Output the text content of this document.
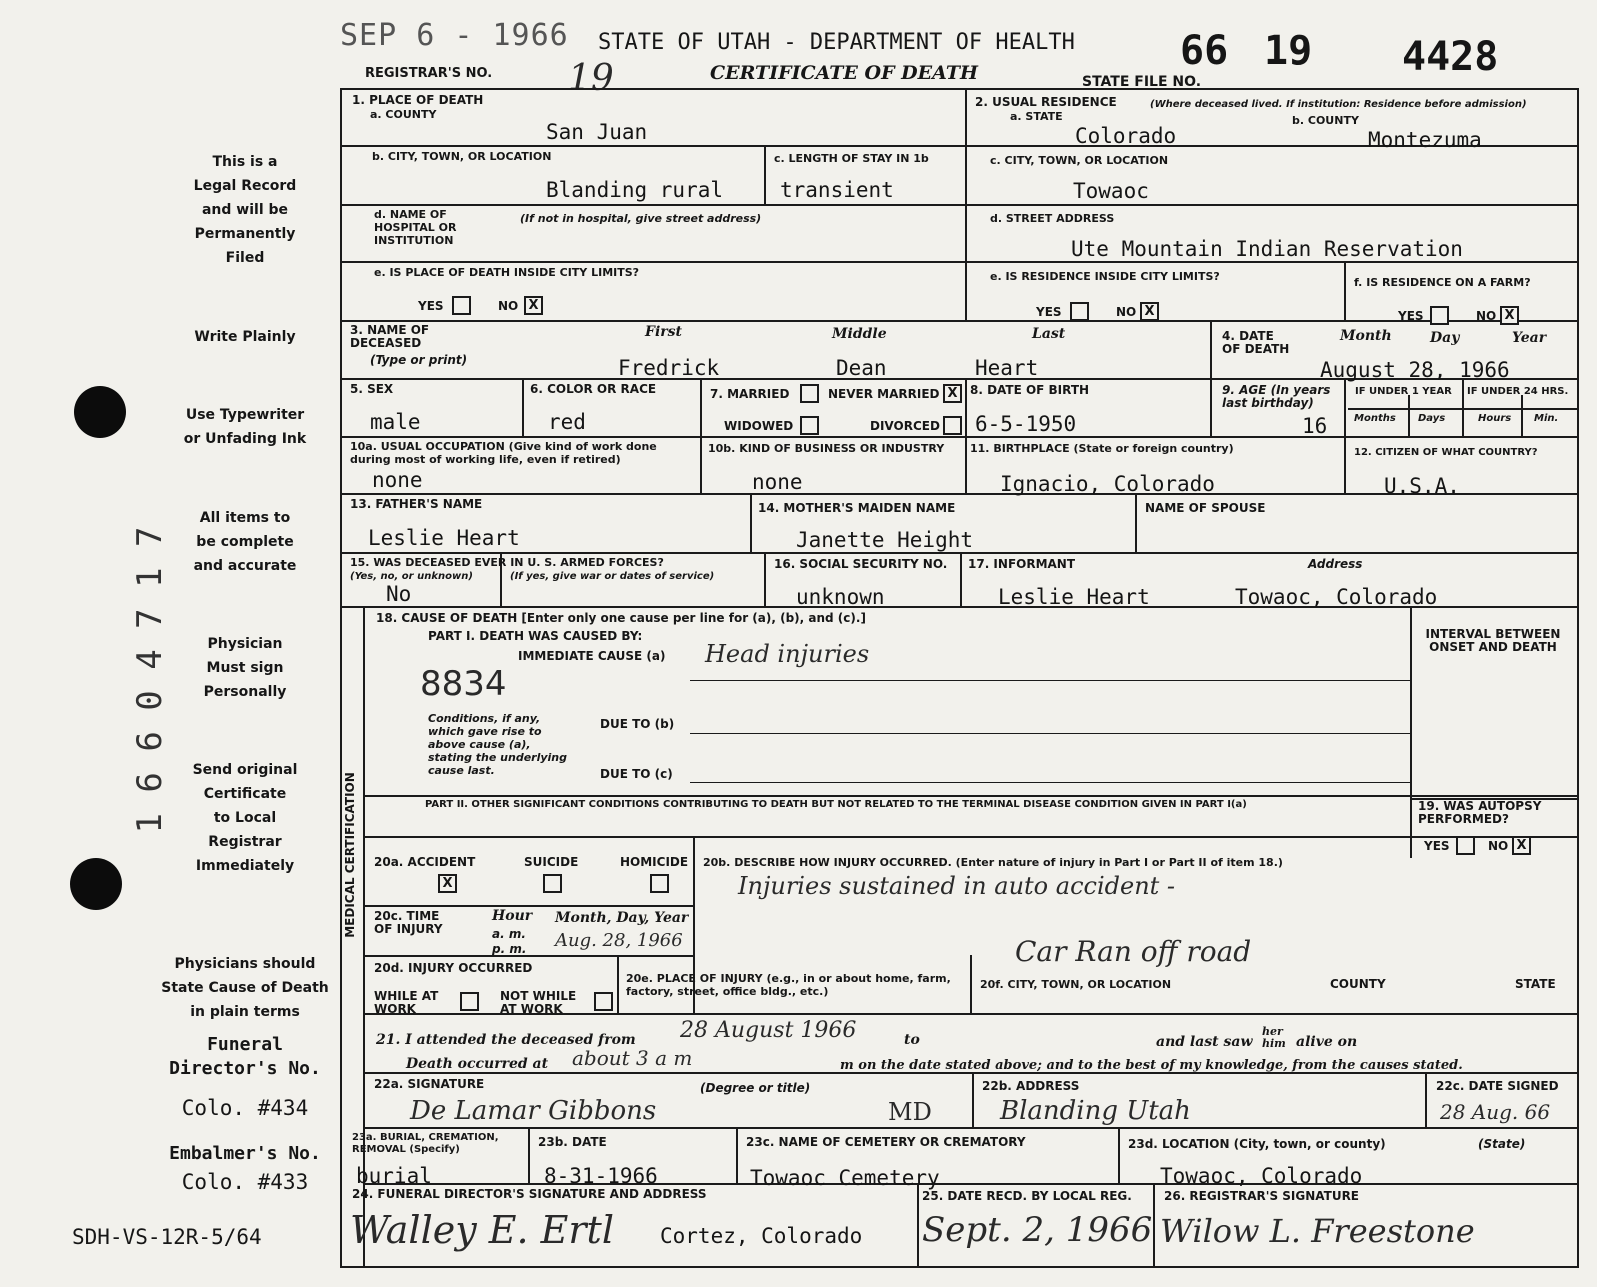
SEP 6 - 1966 STATE OF UTAH - DEPARTMENT OF HEALTH	66 19 4428
REGISTRAR'S NO. 19	CERTIFICATE OF DEATH	STATE FILE NO.
This is a
Legal Record
and will be
Permanently
Filed
Write Plainly
Use Typewriter
or Unfading Ink
All items to
be complete
and accurate
Physician
Must sign
Personally
Send original
Certificate
to Local
Registrar
Immediately
Physicians should
State Cause of Death
in plain terms
Funeral
Director's No.
Colo. #434
Embalmer's No.
Colo. #433
SDH-VS-12R-5/64
1 6 6 0 4 7 1 7
MEDICAL CERTIFICATION
1. PLACE OF DEATH
a. COUNTY
San Juan
2. USUAL RESIDENCE	(Where deceased lived. If institution: Residence before admission)
a. STATE	b. COUNTY
Colorado	Montezuma
b. CITY, TOWN, OR LOCATION
Blanding rural
c. LENGTH OF STAY IN 1b
transient
c. CITY, TOWN, OR LOCATION
Towaoc
d. NAME OF HOSPITAL OR INSTITUTION
(If not in hospital, give street address)	d. STREET ADDRESS
Ute Mountain Indian Reservation
e. IS PLACE OF DEATH INSIDE CITY LIMITS?
YES	NO X
e. IS RESIDENCE INSIDE CITY LIMITS?
YES	NO X
f. IS RESIDENCE ON A FARM?
YES	NO X
3. NAME OF DECEASED
(Type or print)
First	Middle	Last
Fredrick	Dean	Heart
4. DATE OF DEATH
Month	Day	Year
August 28, 1966
5. SEX
male
6. COLOR OR RACE
red
7. MARRIED	NEVER MARRIED X
WIDOWED	DIVORCED
8. DATE OF BIRTH
6-5-1950
9. AGE (In years last birthday)
16
IF UNDER 1 YEAR IF UNDER 24 HRS.
Months Days	Hours Min.
10a. USUAL OCCUPATION (Give kind of work done during most of working life, even if retired)
none
10b. KIND OF BUSINESS OR INDUSTRY
none
11. BIRTHPLACE (State or foreign country)
Ignacio, Colorado
12. CITIZEN OF WHAT COUNTRY?
U.S.A.
13. FATHER'S NAME
Leslie Heart
14. MOTHER'S MAIDEN NAME
Janette Height
NAME OF SPOUSE
15. WAS DECEASED EVER IN U. S. ARMED FORCES?
(Yes, no, or unknown)	(If yes, give war or dates of service)
No
16. SOCIAL SECURITY NO.
unknown
17. INFORMANT	Address
Leslie Heart	Towaoc, Colorado
18. CAUSE OF DEATH [Enter only one cause per line for (a), (b), and (c).]
PART I. DEATH WAS CAUSED BY:
IMMEDIATE CAUSE (a) Head injuries
8834
Conditions, if any, which gave rise to above cause (a), stating the underlying cause last.
DUE TO (b)
DUE TO (c)
INTERVAL BETWEEN ONSET AND DEATH
PART II. OTHER SIGNIFICANT CONDITIONS CONTRIBUTING TO DEATH BUT NOT RELATED TO THE TERMINAL DISEASE CONDITION GIVEN IN PART I(a)	19. WAS AUTOPSY PERFORMED?
YES	NO X
20a. ACCIDENT
X
SUICIDE	HOMICIDE 20b. DESCRIBE HOW INJURY OCCURRED. (Enter nature of injury in Part I or Part II of item 18.)
Injuries sustained in auto accident -
Car Ran off road
20c. TIME OF INJURY
Hour
a. m.
p. m.
Month, Day, Year
Aug. 28, 1966
20d. INJURY OCCURRED
WHILE AT WORK
NOT WHILE AT WORK
20e. PLACE OF INJURY (e.g., in or about home, farm, factory, street, office bldg., etc.)
20f. CITY, TOWN, OR LOCATION	COUNTY	STATE
21. I attended the deceased from 28 August 1966	to	and last saw
her him alive on
Death occurred at about 3 a m	m on the date stated above; and to the best of my knowledge, from the causes stated.
22a. SIGNATURE	(Degree or title)
De Lamar Gibbons	MD
22b. ADDRESS
Blanding Utah
22c. DATE SIGNED
28 Aug. 66
23a. BURIAL, CREMATION, REMOVAL (Specify)
burial
23b. DATE
8-31-1966
23c. NAME OF CEMETERY OR CREMATORY
Towaoc Cemetery
23d. LOCATION (City, town, or county)	(State)
Towaoc, Colorado
24. FUNERAL DIRECTOR'S SIGNATURE AND ADDRESS
Walley E. Ertl Cortez, Colorado
25. DATE RECD. BY LOCAL REG.
Sept. 2, 1966
26. REGISTRAR'S SIGNATURE
Wilow L. Freestone
